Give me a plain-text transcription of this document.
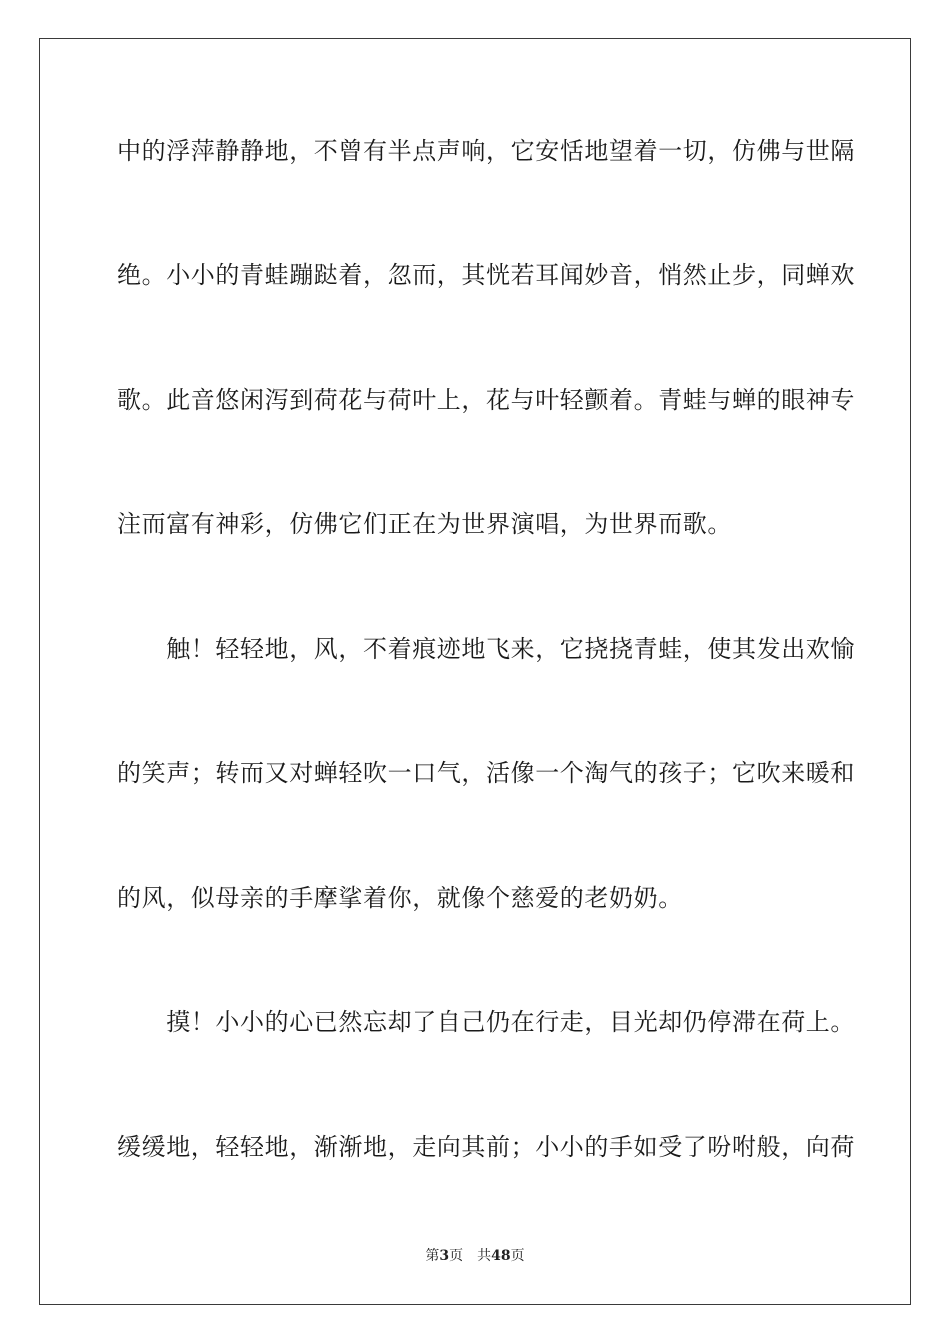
中的浮萍静静地，不曾有半点声响，它安恬地望着一切，仿佛与世隔
绝。小小的青蛙蹦跶着，忽而，其恍若耳闻妙音，悄然止步，同蝉欢
歌。此音悠闲泻到荷花与荷叶上，花与叶轻颤着。青蛙与蝉的眼神专
注而富有神彩，仿佛它们正在为世界演唱，为世界而歌。
　　触！轻轻地，风，不着痕迹地飞来，它挠挠青蛙，使其发出欢愉
的笑声；转而又对蝉轻吹一口气，活像一个淘气的孩子；它吹来暖和
的风，似母亲的手摩挲着你，就像个慈爱的老奶奶。
　　摸！小小的心已然忘却了自己仍在行走，目光却仍停滞在荷上。
缓缓地，轻轻地，渐渐地，走向其前；小小的手如受了吩咐般，向荷
第3页 共48页
